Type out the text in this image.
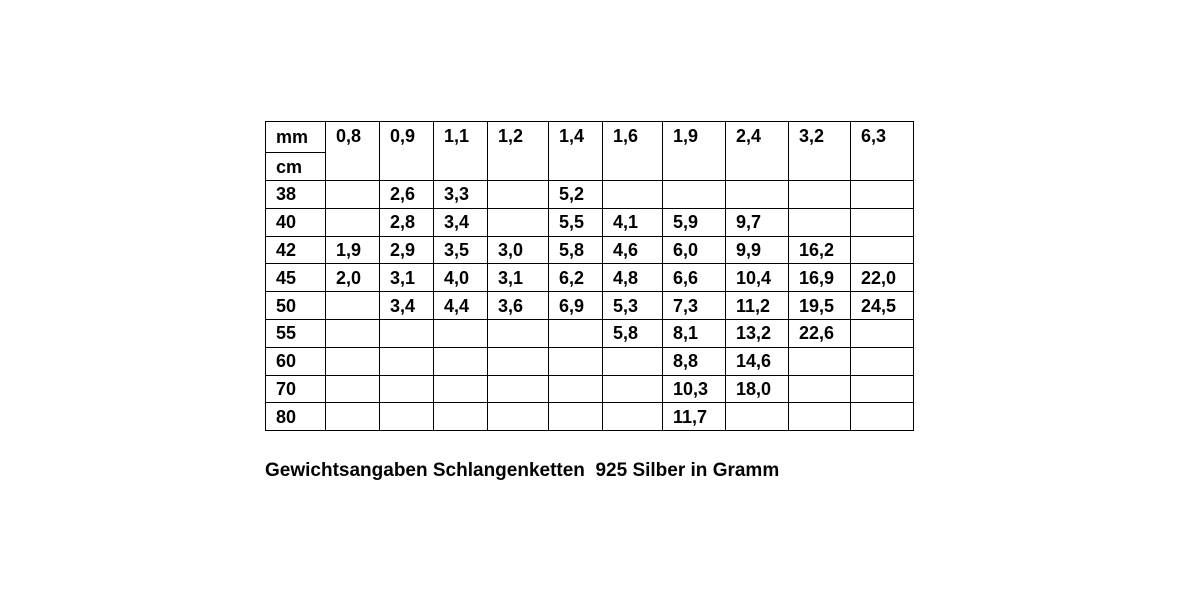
mm	0,8	0,9	1,1	1,2	1,4	1,6	1,9	2,4	3,2	6,3
cm										
38		2,6	3,3		5,2					
40		2,8	3,4		5,5	4,1	5,9	9,7		
42	1,9	2,9	3,5	3,0	5,8	4,6	6,0	9,9	16,2	
45	2,0	3,1	4,0	3,1	6,2	4,8	6,6	10,4	16,9	22,0
50		3,4	4,4	3,6	6,9	5,3	7,3	11,2	19,5	24,5
55						5,8	8,1	13,2	22,6	
60							8,8	14,6		
70							10,3	18,0		
80							11,7			
Gewichtsangaben Schlangenketten  925 Silber in Gramm
